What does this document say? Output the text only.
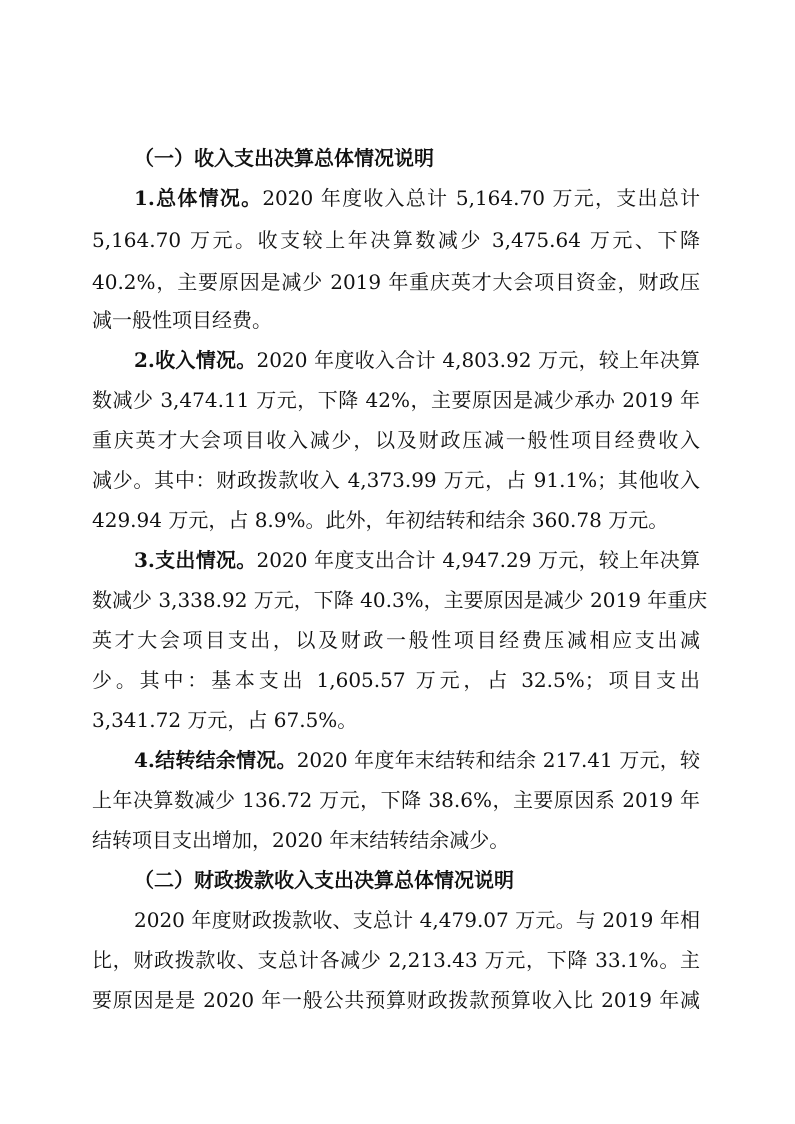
（一）收入支出决算总体情况说明
1.总体情况。2020 年度收入总计 5,164.70 万元，支出总计
5,164.70 万元。收支较上年决算数减少 3,475.64 万元、下降
40.2%，主要原因是减少 2019 年重庆英才大会项目资金，财政压
减一般性项目经费。
2.收入情况。2020 年度收入合计 4,803.92 万元，较上年决算
数减少 3,474.11 万元，下降 42%，主要原因是减少承办 2019 年
重庆英才大会项目收入减少，以及财政压减一般性项目经费收入
减少。其中：财政拨款收入 4,373.99 万元，占 91.1%；其他收入
429.94 万元，占 8.9%。此外，年初结转和结余 360.78 万元。
3.支出情况。2020 年度支出合计 4,947.29 万元，较上年决算
数减少 3,338.92 万元，下降 40.3%，主要原因是减少 2019 年重庆
英才大会项目支出，以及财政一般性项目经费压减相应支出减
少。其中：基本支出 1,605.57 万元，占 32.5%；项目支出
3,341.72 万元，占 67.5%。
4.结转结余情况。2020 年度年末结转和结余 217.41 万元，较
上年决算数减少 136.72 万元，下降 38.6%，主要原因系 2019 年
结转项目支出增加，2020 年末结转结余减少。
（二）财政拨款收入支出决算总体情况说明
2020 年度财政拨款收、支总计 4,479.07 万元。与 2019 年相
比，财政拨款收、支总计各减少 2,213.43 万元，下降 33.1%。主
要原因是是 2020 年一般公共预算财政拨款预算收入比 2019 年减
